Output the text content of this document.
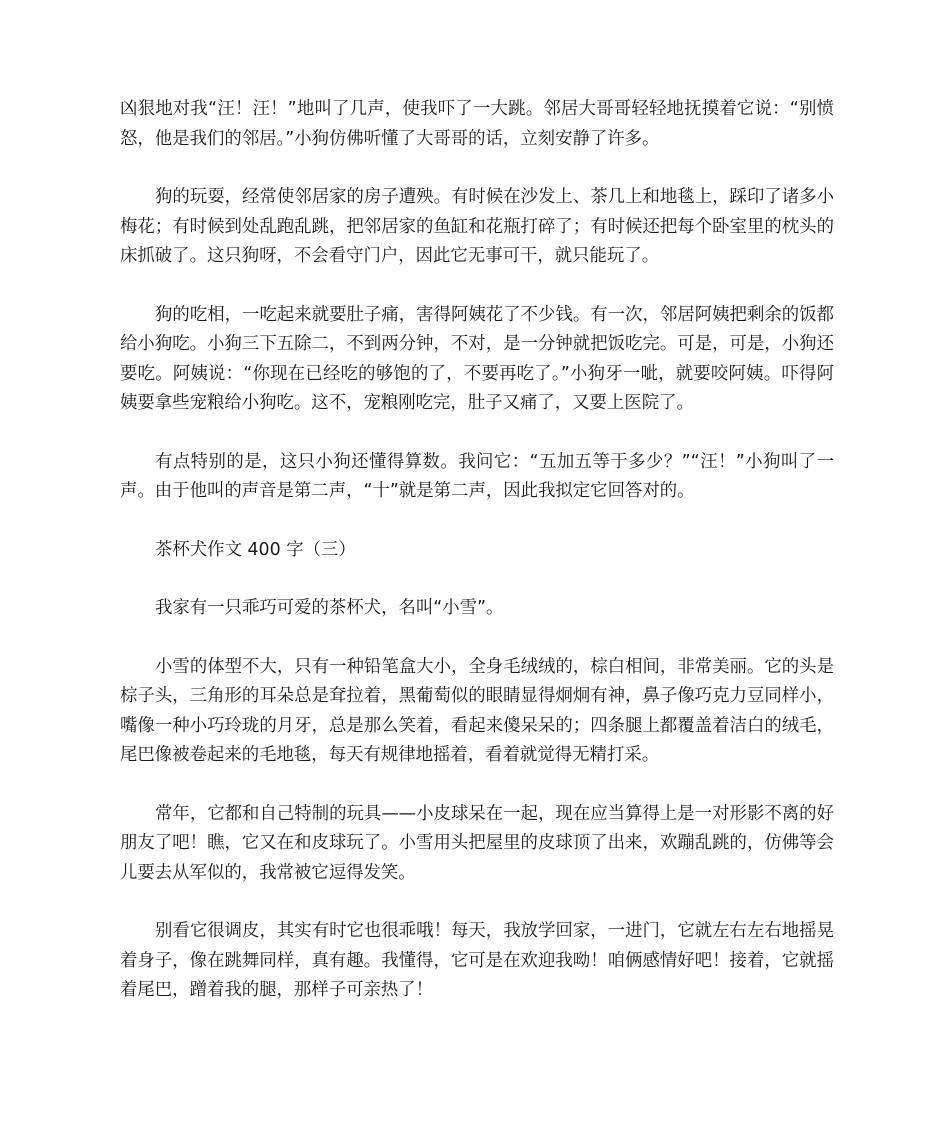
凶狠地对我“汪！汪！”地叫了几声，使我吓了一大跳。邻居大哥哥轻轻地抚摸着它说：“别愤怒，他是我们的邻居。”小狗仿佛听懂了大哥哥的话，立刻安静了许多。

狗的玩耍，经常使邻居家的房子遭殃。有时候在沙发上、茶几上和地毯上，踩印了诸多小梅花；有时候到处乱跑乱跳，把邻居家的鱼缸和花瓶打碎了；有时候还把每个卧室里的枕头的床抓破了。这只狗呀，不会看守门户，因此它无事可干，就只能玩了。

狗的吃相，一吃起来就要肚子痛，害得阿姨花了不少钱。有一次，邻居阿姨把剩余的饭都给小狗吃。小狗三下五除二，不到两分钟，不对，是一分钟就把饭吃完。可是，可是，小狗还要吃。阿姨说：“你现在已经吃的够饱的了，不要再吃了。”小狗牙一呲，就要咬阿姨。吓得阿姨要拿些宠粮给小狗吃。这不，宠粮刚吃完，肚子又痛了，又要上医院了。

有点特别的是，这只小狗还懂得算数。我问它：“五加五等于多少？”“汪！”小狗叫了一声。由于他叫的声音是第二声，“十”就是第二声，因此我拟定它回答对的。

茶杯犬作文 400 字（三）

我家有一只乖巧可爱的茶杯犬，名叫“小雪”。

小雪的体型不大，只有一种铅笔盒大小，全身毛绒绒的，棕白相间，非常美丽。它的头是棕子头，三角形的耳朵总是耷拉着，黑葡萄似的眼睛显得炯炯有神，鼻子像巧克力豆同样小，嘴像一种小巧玲珑的月牙，总是那么笑着，看起来傻呆呆的；四条腿上都覆盖着洁白的绒毛，尾巴像被卷起来的毛地毯，每天有规律地摇着，看着就觉得无精打采。

常年，它都和自己特制的玩具——小皮球呆在一起，现在应当算得上是一对形影不离的好朋友了吧！瞧，它又在和皮球玩了。小雪用头把屋里的皮球顶了出来，欢蹦乱跳的，仿佛等会儿要去从军似的，我常被它逗得发笑。

别看它很调皮，其实有时它也很乖哦！每天，我放学回家，一进门，它就左右左右地摇晃着身子，像在跳舞同样，真有趣。我懂得，它可是在欢迎我呦！咱俩感情好吧！接着，它就摇着尾巴，蹭着我的腿，那样子可亲热了！
